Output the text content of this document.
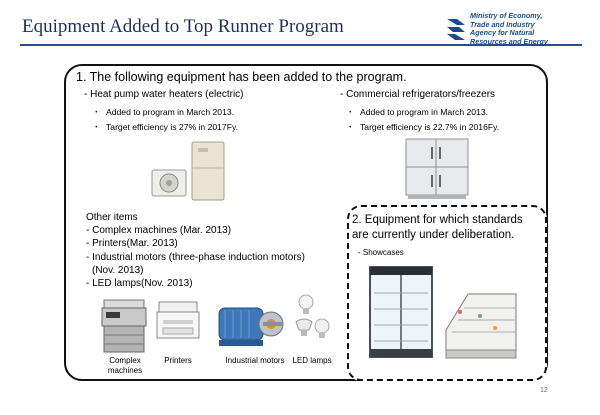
Equipment Added to Top Runner Program
Ministry of Economy,
Trade and Industry
Agency for Natural
Resources and Energy
1. The following equipment has been added to the program.
- Heat pump water heaters (electric)
・ Added to program in March 2013.
・ Target efficiency is 27% in 2017Fy.
- Commercial refrigerators/freezers
・ Added to program in March 2013.
・ Target efficiency is 22.7% in 2016Fy.
Other items
- Complex machines (Mar. 2013)
- Printers(Mar. 2013)
- Industrial motors (three-phase induction motors)
(Nov. 2013)
- LED lamps(Nov. 2013)
Complex
machines
Printers	Industrial motors LED lamps
2. Equipment for which standards
are currently under deliberation.
- Showcases
12
